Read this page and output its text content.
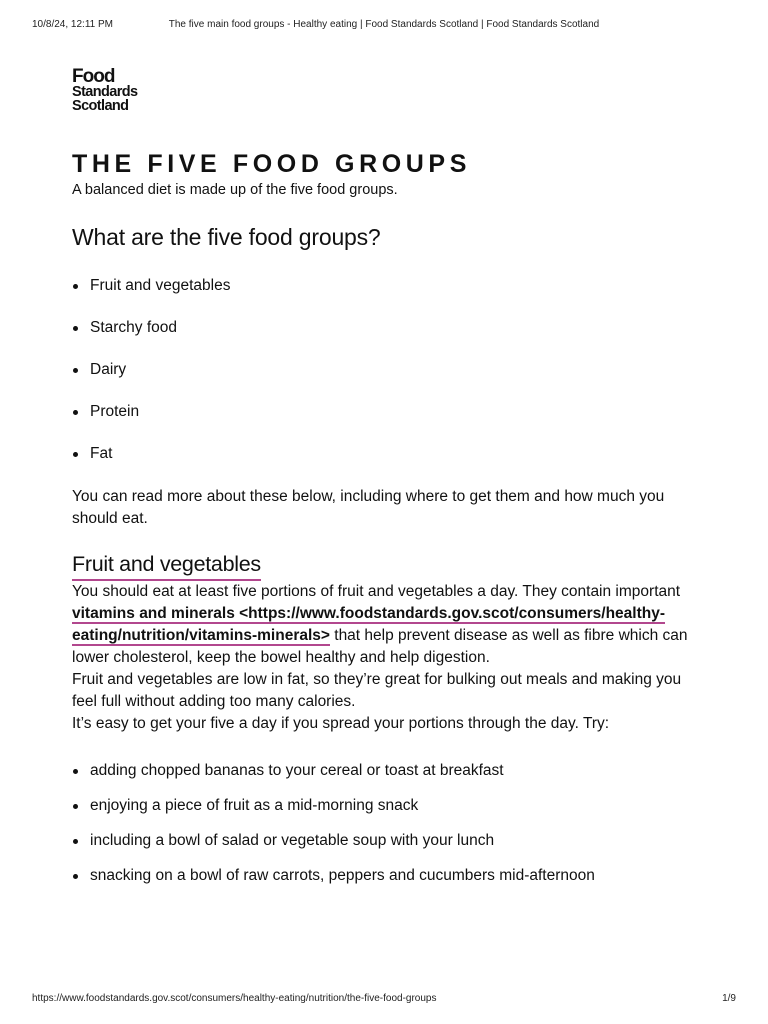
10/8/24, 12:11 PM	The five main food groups - Healthy eating | Food Standards Scotland | Food Standards Scotland
Food
Standards
Scotland
THE FIVE FOOD GROUPS

A balanced diet is made up of the five food groups.

What are the five food groups?
Fruit and vegetables
Starchy food
Dairy
Protein
Fat

You can read more about these below, including where to get them and how much you should eat.

Fruit and vegetables

You should eat at least five portions of fruit and vegetables a day. They contain important vitamins and minerals <https://www.foodstandards.gov.scot/consumers/healthy-eating/nutrition/vitamins-minerals> that help prevent disease as well as fibre which can lower cholesterol, keep the bowel healthy and help digestion.

Fruit and vegetables are low in fat, so they’re great for bulking out meals and making you feel full without adding too many calories.

It’s easy to get your five a day if you spread your portions through the day. Try:

adding chopped bananas to your cereal or toast at breakfast
enjoying a piece of fruit as a mid-morning snack
including a bowl of salad or vegetable soup with your lunch
snacking on a bowl of raw carrots, peppers and cucumbers mid-afternoon
https://www.foodstandards.gov.scot/consumers/healthy-eating/nutrition/the-five-food-groups	1/9
